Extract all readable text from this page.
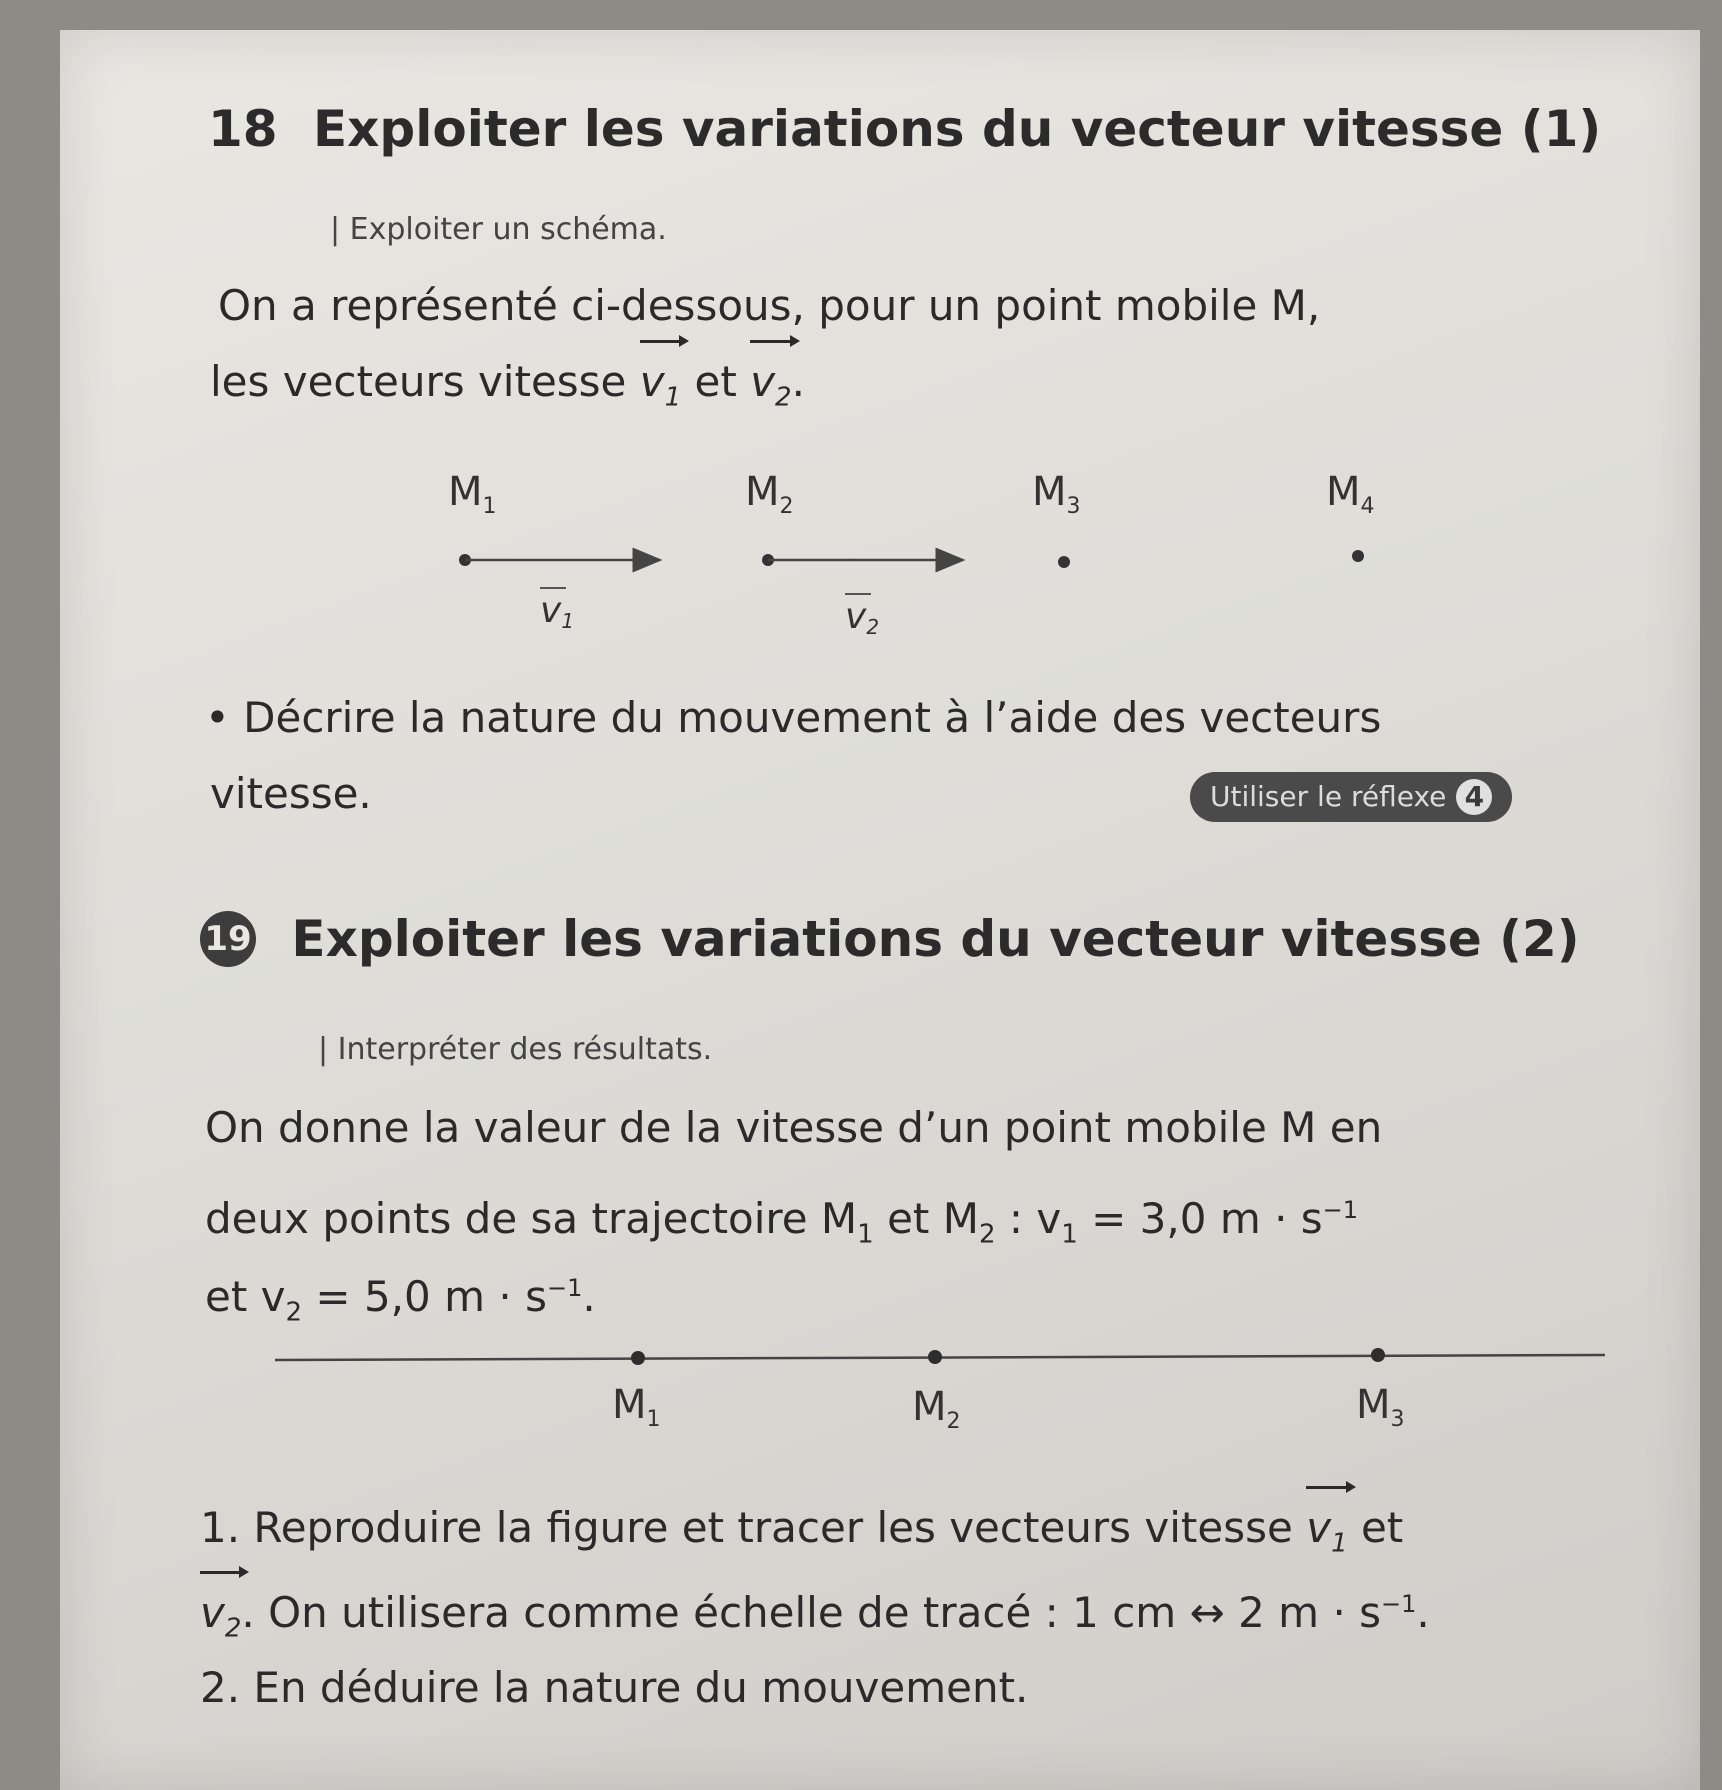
18 Exploiter les variations du vecteur vitesse (1)
| Exploiter un schéma.
On a représenté ci-dessous, pour un point mobile M,
les vecteurs vitesse $v_1$ et $v_2$.
$M_1$	$M_2$	$M_3$	$M_4$
v1	v2
$M_1$	$M_2$	$M_3$
• Décrire la nature du mouvement à l’aide des vecteurs
vitesse.	Utiliser le réflexe 4
19 Exploiter les variations du vecteur vitesse (2)
| Interpréter des résultats.
On donne la valeur de la vitesse d’un point mobile M en
deux points de sa trajectoire $M_1$ et $M_2$ : $v_1 = 3,0$ $m \cdot s^{-1}$
et $v_2 = 5,0$ $m \cdot s^{-1}$.
1. Reproduire la figure et tracer les vecteurs vitesse $v_1$ et
$v_2$. On utilisera comme échelle de tracé : 1 cm ↔ 2 $m \cdot s^{-1}$.
2. En déduire la nature du mouvement.
